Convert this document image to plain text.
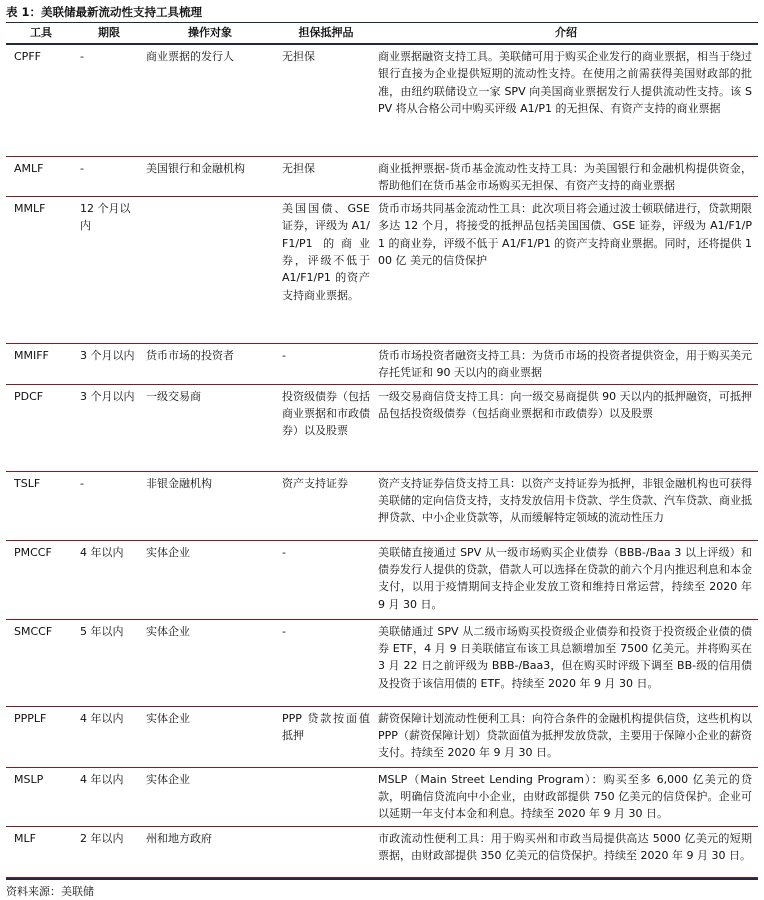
表 1：美联储最新流动性支持工具梳理
工具	期限	操作对象	担保抵押品	介绍
CPFF	-	商业票据的发行人	无担保	商业票据融资支持工具。美联储可用于购买企业发行的商业票据，相当于绕过银行直接为企业提供短期的流动性支持。在使用之前需获得美国财政部的批准，由纽约联储设立一家 SPV 向美国商业票据发行人提供流动性支持。该 SPV 将从合格公司中购买评级 A1/P1 的无担保、有资产支持的商业票据
AMLF	-	美国银行和金融机构	无担保	商业抵押票据-货币基金流动性支持工具：为美国银行和金融机构提供资金，帮助他们在货币基金市场购买无担保、有资产支持的商业票据
MMLF	12 个月以内		美国国债、GSE 证券，评级为 A1/F1/P1 的商业券，评级不低于 A1/F1/P1 的资产支持商业票据。	货币市场共同基金流动性工具：此次项目将会通过波士顿联储进行，贷款期限多达 12 个月，将接受的抵押品包括美国国债、GSE 证券，评级为 A1/F1/P1 的商业券，评级不低于 A1/F1/P1 的资产支持商业票据。同时，还将提供 100 亿 美元的信贷保护
MMIFF	3 个月以内	货币市场的投资者	-	货币市场投资者融资支持工具：为货币市场的投资者提供资金，用于购买美元存托凭证和 90 天以内的商业票据
PDCF	3 个月以内	一级交易商	投资级债券（包括商业票据和市政债券）以及股票	一级交易商信贷支持工具：向一级交易商提供 90 天以内的抵押融资，可抵押品包括投资级债券（包括商业票据和市政债券）以及股票
TSLF	-	非银金融机构	资产支持证券	资产支持证券信贷支持工具：以资产支持证券为抵押，非银金融机构也可获得美联储的定向信贷支持，支持发放信用卡贷款、学生贷款、汽车贷款、商业抵押贷款、中小企业贷款等，从而缓解特定领域的流动性压力
PMCCF	4 年以内	实体企业	-	美联储直接通过 SPV 从一级市场购买企业债券（BBB-/Baa 3 以上评级）和债券发行人提供的贷款，借款人可以选择在贷款的前六个月内推迟利息和本金支付，以用于疫情期间支持企业发放工资和维持日常运营，持续至 2020 年 9 月 30 日。
SMCCF	5 年以内	实体企业	-	美联储通过 SPV 从二级市场购买投资级企业债券和投资于投资级企业债的债券 ETF，4 月 9 日美联储宣布该工具总额增加至 7500 亿美元。并将购买在 3 月 22 日之前评级为 BBB-/Baa3，但在购买时评级下调至 BB-级的信用债及投资于该信用债的 ETF。持续至 2020 年 9 月 30 日。
PPPLF	4 年以内	实体企业	PPP 贷款按面值抵押	薪资保障计划流动性便利工具：向符合条件的金融机构提供信贷，这些机构以 PPP（薪资保障计划）贷款面值为抵押发放贷款，主要用于保障小企业的薪资支付。持续至 2020 年 9 月 30 日。
MSLP	4 年以内	实体企业		MSLP（Main Street Lending Program）：购买至多 6,000 亿美元的贷款，明确信贷流向中小企业，由财政部提供 750 亿美元的信贷保护。企业可以延期一年支付本金和利息。持续至 2020 年 9 月 30 日。
MLF	2 年以内	州和地方政府		市政流动性便利工具：用于购买州和市政当局提供高达 5000 亿美元的短期票据，由财政部提供 350 亿美元的信贷保护。持续至 2020 年 9 月 30 日。
资料来源：美联储
